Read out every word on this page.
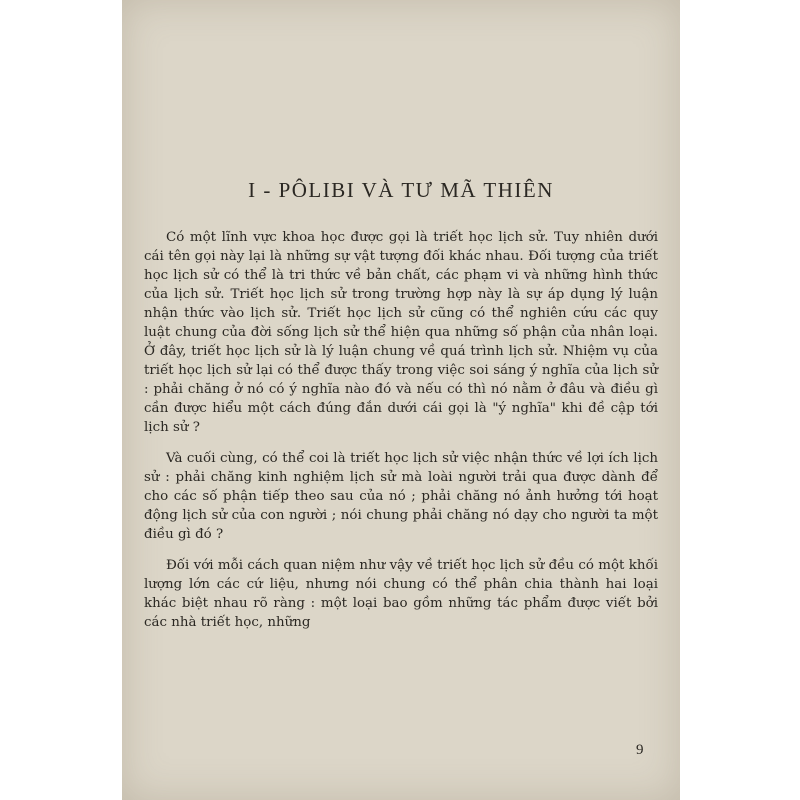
I - PÔLIBI VÀ TƯ MÃ THIÊN

Có một lĩnh vực khoa học được gọi là triết học lịch sử. Tuy nhiên dưới cái tên gọi này lại là những sự vật tượng đối khác nhau. Đối tượng của triết học lịch sử có thể là tri thức về bản chất, các phạm vi và những hình thức của lịch sử. Triết học lịch sử trong trường hợp này là sự áp dụng lý luận nhận thức vào lịch sử. Triết học lịch sử cũng có thể nghiên cứu các quy luật chung của đời sống lịch sử thể hiện qua những số phận của nhân loại. Ở đây, triết học lịch sử là lý luận chung về quá trình lịch sử. Nhiệm vụ của triết học lịch sử lại có thể được thấy trong việc soi sáng ý nghĩa của lịch sử : phải chăng ở nó có ý nghĩa nào đó và nếu có thì nó nằm ở đâu và điều gì cần được hiểu một cách đúng đắn dưới cái gọi là "ý nghĩa" khi đề cập tới lịch sử ?

Và cuối cùng, có thể coi là triết học lịch sử việc nhận thức về lợi ích lịch sử : phải chăng kinh nghiệm lịch sử mà loài người trải qua được dành để cho các số phận tiếp theo sau của nó ; phải chăng nó ảnh hưởng tới hoạt động lịch sử của con người ; nói chung phải chăng nó dạy cho người ta một điều gì đó ?

Đối với mỗi cách quan niệm như vậy về triết học lịch sử đều có một khối lượng lớn các cứ liệu, nhưng nói chung có thể phân chia thành hai loại khác biệt nhau rõ ràng : một loại bao gồm những tác phẩm được viết bởi các nhà triết học, những

9
